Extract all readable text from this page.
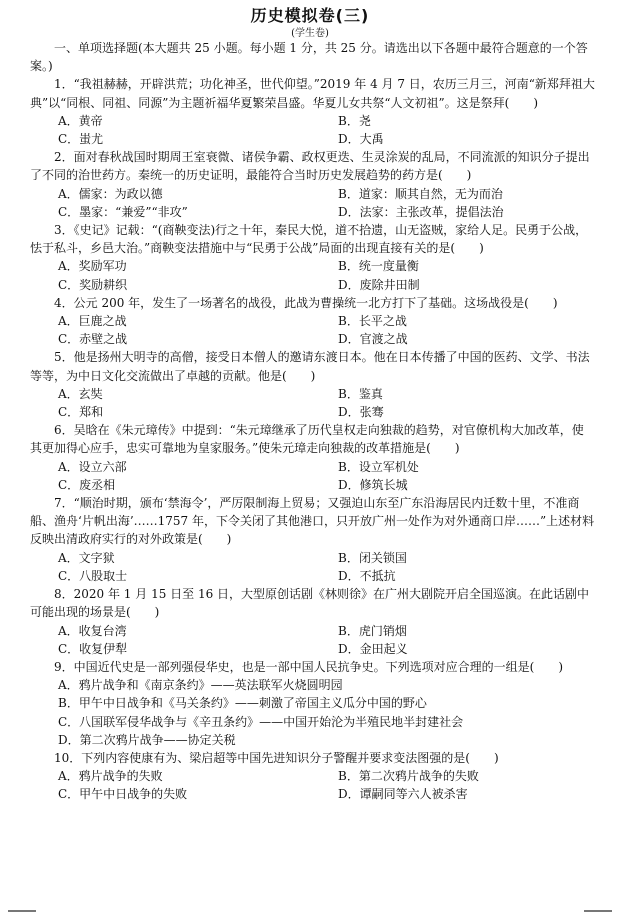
历史模拟卷(三)
(学生卷)

一、单项选择题(本大题共 25 小题。每小题 1 分，共 25 分。请选出以下各题中最符合题意的一个答案。)

1．“我祖赫赫，开辟洪荒；功化神圣，世代仰望。”2019 年 4 月 7 日，农历三月三，河南“新郑拜祖大典”以“同根、同祖、同源”为主题祈福华夏繁荣昌盛。华夏儿女共祭“人文初祖”。这是祭拜(　　)

A．黄帝	B．尧
C．蚩尤	D．大禹

2．面对春秋战国时期周王室衰微、诸侯争霸、政权更迭、生灵涂炭的乱局，不同流派的知识分子提出了不同的治世药方。秦统一的历史证明，最能符合当时历史发展趋势的药方是(　　)

A．儒家：为政以德	B．道家：顺其自然，无为而治
C．墨家：“兼爱”“非攻”	D．法家：主张改革，提倡法治

3．《史记》记载：“(商鞅变法)行之十年，秦民大悦，道不拾遗，山无盗贼，家给人足。民勇于公战，怯于私斗，乡邑大治。”商鞅变法措施中与“民勇于公战”局面的出现直接有关的是(　　)

A．奖励军功	B．统一度量衡
C．奖励耕织	D．废除井田制

4．公元 200 年，发生了一场著名的战役，此战为曹操统一北方打下了基础。这场战役是(　　)

A．巨鹿之战	B．长平之战
C．赤壁之战	D．官渡之战

5．他是扬州大明寺的高僧，接受日本僧人的邀请东渡日本。他在日本传播了中国的医药、文学、书法等等，为中日文化交流做出了卓越的贡献。他是(　　)

A．玄奘	B．鉴真
C．郑和	D．张骞

6．吴晗在《朱元璋传》中提到：“朱元璋继承了历代皇权走向独裁的趋势，对官僚机构大加改革，使其更加得心应手，忠实可靠地为皇家服务。”使朱元璋走向独裁的改革措施是(　　)

A．设立六部	B．设立军机处
C．废丞相	D．修筑长城

7．“顺治时期，颁布‘禁海令’，严厉限制海上贸易；又强迫山东至广东沿海居民内迁数十里，不准商船、渔舟‘片帆出海’……1757 年，下令关闭了其他港口，只开放广州一处作为对外通商口岸……”上述材料反映出清政府实行的对外政策是(　　)

A．文字狱	B．闭关锁国
C．八股取士	D．不抵抗

8．2020 年 1 月 15 日至 16 日，大型原创话剧《林则徐》在广州大剧院开启全国巡演。在此话剧中可能出现的场景是(　　)

A．收复台湾	B．虎门销烟
C．收复伊犁	D．金田起义

9．中国近代史是一部列强侵华史，也是一部中国人民抗争史。下列选项对应合理的一组是(　　)

A．鸦片战争和《南京条约》——英法联军火烧圆明园
B．甲午中日战争和《马关条约》——刺激了帝国主义瓜分中国的野心
C．八国联军侵华战争与《辛丑条约》——中国开始沦为半殖民地半封建社会
D．第二次鸦片战争——协定关税

10．下列内容使康有为、梁启超等中国先进知识分子警醒并要求变法图强的是(　　)

A．鸦片战争的失败	B．第二次鸦片战争的失败
C．甲午中日战争的失败	D．谭嗣同等六人被杀害
